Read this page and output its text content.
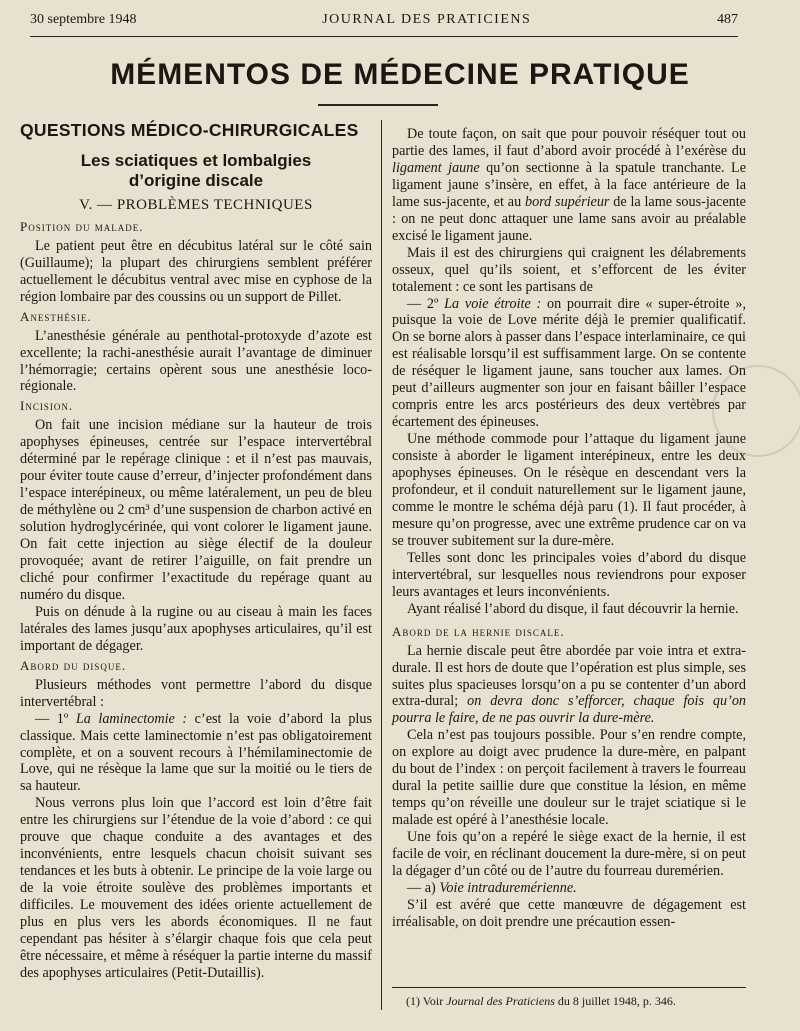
30 septembre 1948	JOURNAL DES PRATICIENS	487
MÉMENTOS DE MÉDECINE PRATIQUE
QUESTIONS MÉDICO-CHIRURGICALES
Les sciatiques et lombalgies
d’origine discale
V. — PROBLÈMES TECHNIQUES
Position du malade.

Le patient peut être en décubitus latéral sur le côté sain (Guillaume); la plupart des chirurgiens semblent préférer actuellement le décubitus ventral avec mise en cyphose de la région lombaire par des coussins ou un support de Pillet.

Anesthésie.

L’anesthésie générale au penthotal-protoxyde d’azote est excellente; la rachi-anesthésie aurait l’avantage de diminuer l’hémorragie; certains opèrent sous une anesthésie loco-régionale.

Incision.

On fait une incision médiane sur la hauteur de trois apophyses épineuses, centrée sur l’espace intervertébral déterminé par le repérage clinique : et il n’est pas mauvais, pour éviter toute cause d’erreur, d’injecter profondément dans l’espace interépineux, ou même latéralement, un peu de bleu de méthylène ou 2 cm³ d’une suspension de charbon activé en solution hydroglycérinée, qui vont colorer le ligament jaune. On fait cette injection au siège électif de la douleur provoquée; avant de retirer l’aiguille, on fait prendre un cliché pour confirmer l’exactitude du repérage quant au numéro du disque.

Puis on dénude à la rugine ou au ciseau à main les faces latérales des lames jusqu’aux apophyses articulaires, qu’il est important de dégager.

Abord du disque.

Plusieurs méthodes vont permettre l’abord du disque intervertébral :

— 1º La laminectomie : c’est la voie d’abord la plus classique. Mais cette laminectomie n’est pas obligatoirement complète, et on a souvent recours à l’hémilaminectomie de Love, qui ne résèque la lame que sur la moitié ou le tiers de sa hauteur.

Nous verrons plus loin que l’accord est loin d’être fait entre les chirurgiens sur l’étendue de la voie d’abord : ce qui prouve que chaque conduite a des avantages et des inconvénients, entre lesquels chacun choisit suivant ses tendances et les buts à obtenir. Le principe de la voie large ou de la voie étroite soulève des problèmes importants et difficiles. Le mouvement des idées oriente actuellement de plus en plus vers les abords économiques. Il ne faut cependant pas hésiter à s’élargir chaque fois que cela peut être nécessaire, et même à réséquer la partie interne du massif des apophyses articulaires (Petit-Dutaillis).

De toute façon, on sait que pour pouvoir réséquer tout ou partie des lames, il faut d’abord avoir procédé à l’exérèse du ligament jaune qu’on sectionne à la spatule tranchante. Le ligament jaune s’insère, en effet, à la face antérieure de la lame sus-jacente, et au bord supérieur de la lame sous-jacente : on ne peut donc attaquer une lame sans avoir au préalable excisé le ligament jaune.

Mais il est des chirurgiens qui craignent les délabrements osseux, quel qu’ils soient, et s’efforcent de les éviter totalement : ce sont les partisans de

— 2º La voie étroite : on pourrait dire « super-étroite », puisque la voie de Love mérite déjà le premier qualificatif. On se borne alors à passer dans l’espace interlaminaire, ce qui est réalisable lorsqu’il est suffisamment large. On se contente de réséquer le ligament jaune, sans toucher aux lames. On peut d’ailleurs augmenter son jour en faisant bâiller l’espace compris entre les arcs postérieurs des deux vertèbres par écartement des épineuses.

Une méthode commode pour l’attaque du ligament jaune consiste à aborder le ligament interépineux, entre les deux apophyses épineuses. On le résèque en descendant vers la profondeur, et il conduit naturellement sur le ligament jaune, comme le montre le schéma déjà paru (1). Il faut procéder, à mesure qu’on progresse, avec une extrême prudence car on va se trouver subitement sur la dure-mère.

Telles sont donc les principales voies d’abord du disque intervertébral, sur lesquelles nous reviendrons pour exposer leurs avantages et leurs inconvénients.

Ayant réalisé l’abord du disque, il faut découvrir la hernie.

Abord de la hernie discale.

La hernie discale peut être abordée par voie intra et extra-durale. Il est hors de doute que l’opération est plus simple, ses suites plus spacieuses lorsqu’on a pu se contenter d’un abord extra-dural; on devra donc s’efforcer, chaque fois qu’on pourra le faire, de ne pas ouvrir la dure-mère.

Cela n’est pas toujours possible. Pour s’en rendre compte, on explore au doigt avec prudence la dure-mère, en palpant du bout de l’index : on perçoit facilement à travers le fourreau dural la petite saillie dure que constitue la lésion, en même temps qu’on réveille une douleur sur le trajet sciatique si le malade est opéré à l’anesthésie locale.

Une fois qu’on a repéré le siège exact de la hernie, il est facile de voir, en réclinant doucement la dure-mère, si on peut la dégager d’un côté ou de l’autre du fourreau duremérien.

— a) Voie intraduremérienne.

S’il est avéré que cette manœuvre de dégagement est irréalisable, on doit prendre une précaution essen-

(1) Voir Journal des Praticiens du 8 juillet 1948, p. 346.
